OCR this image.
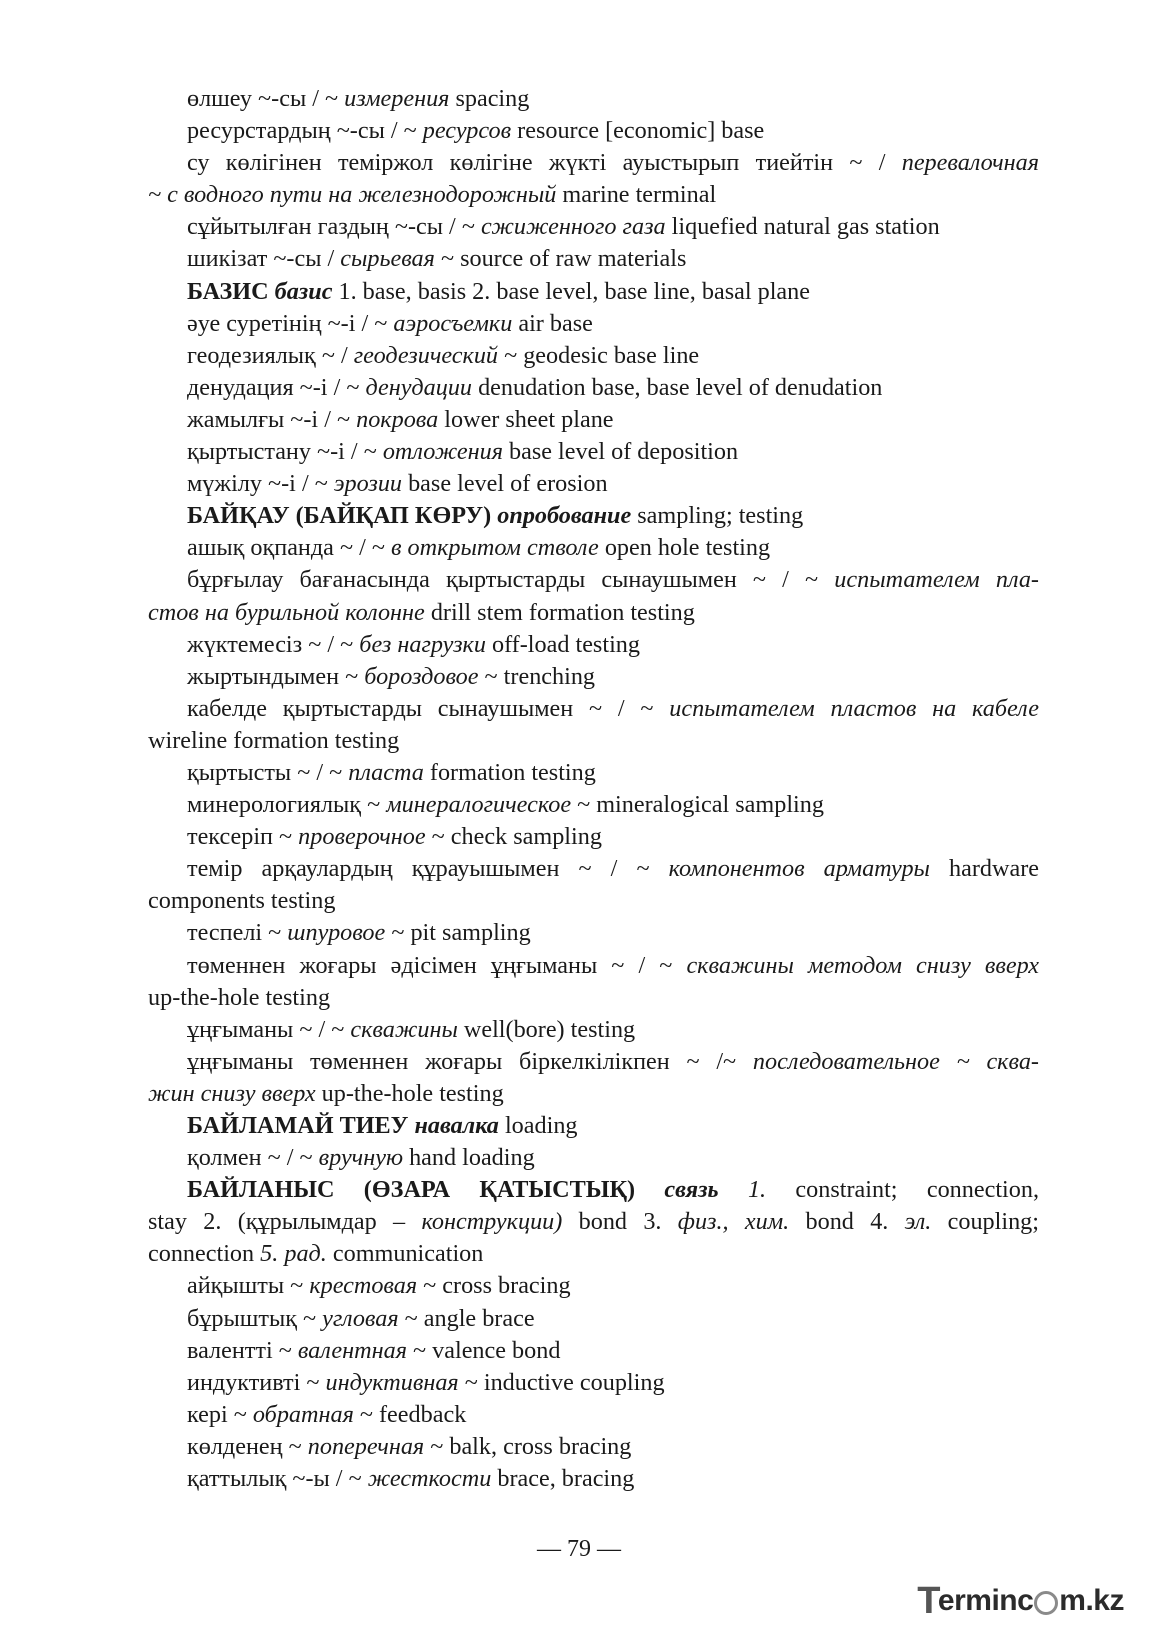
өлшеу ~-сы / ~ измерения spacing
ресурстардың ~-сы / ~ ресурсов resource [economic] base
су көлігінен теміржол көлігіне жүкті ауыстырып тиейтін ~ / перевалочная
~ с водного пути на железнодорожный marine terminal
сұйытылған газдың ~-сы / ~ сжиженного газа liquefied natural gas station
шикізат ~-сы / сырьевая ~ source of raw materials
БАЗИС базис 1. base, basis 2. base level, base line, basal plane
әуе суретінің ~-і / ~ аэросъемки air base
геодезиялық ~ / геодезический ~ geodesic base line
денудация ~-і / ~ денудации denudation base, base level of denudation
жамылғы ~-і / ~ покрова lower sheet plane
қыртыстану ~-і / ~ отложения base level of deposition
мүжілу ~-і / ~ эрозии base level of erosion
БАЙҚАУ (БАЙҚАП КӨРУ) опробование sampling; testing
ашық оқпанда ~ / ~ в открытом стволе open hole testing
бұрғылау бағанасында қыртыстарды сынаушымен ~ / ~ испытателем пла-
стов на бурильной колонне drill stem formation testing
жүктемесіз ~ / ~ без нагрузки off-load testing
жыртындымен ~ бороздовое ~ trenching
кабелде қыртыстарды сынаушымен ~ / ~ испытателем пластов на кабеле
wireline formation testing
қыртысты ~ / ~ пласта formation testing
минерологиялық ~ минералогическое ~ mineralogical sampling
тексеріп ~ проверочное ~ check sampling
темір арқаулардың құрауышымен ~ / ~ компонентов арматуры hardware
components testing
теспелі ~ шпуровое ~ pit sampling
төменнен жоғары әдісімен ұңғыманы ~ / ~ скважины методом снизу вверх
up-the-hole testing
ұңғыманы ~ / ~ скважины well(bore) testing
ұңғыманы төменнен жоғары біркелкілікпен ~ /~ последовательное ~ сква-
жин снизу вверх up-the-hole testing
БАЙЛАМАЙ ТИЕУ навалка loading
қолмен ~ / ~ вручную hand loading
БАЙЛАНЫС (ӨЗАРА ҚАТЫСТЫҚ) связь 1. constraint; connection,
stay 2. (құрылымдар – конструкции) bond 3. физ., хим. bond 4. эл. coupling;
connection 5. рад. communication
айқышты ~ крестовая ~ cross bracing
бұрыштық ~ угловая ~ angle brace
валентті ~ валентная ~ valence bond
индуктивті ~ индуктивная ~ inductive coupling
кері ~ обратная ~ feedback
көлденең ~ поперечная ~ balk, cross bracing
қаттылық ~-ы / ~ жесткости brace, bracing
— 79 —
T
erminc m.kz
